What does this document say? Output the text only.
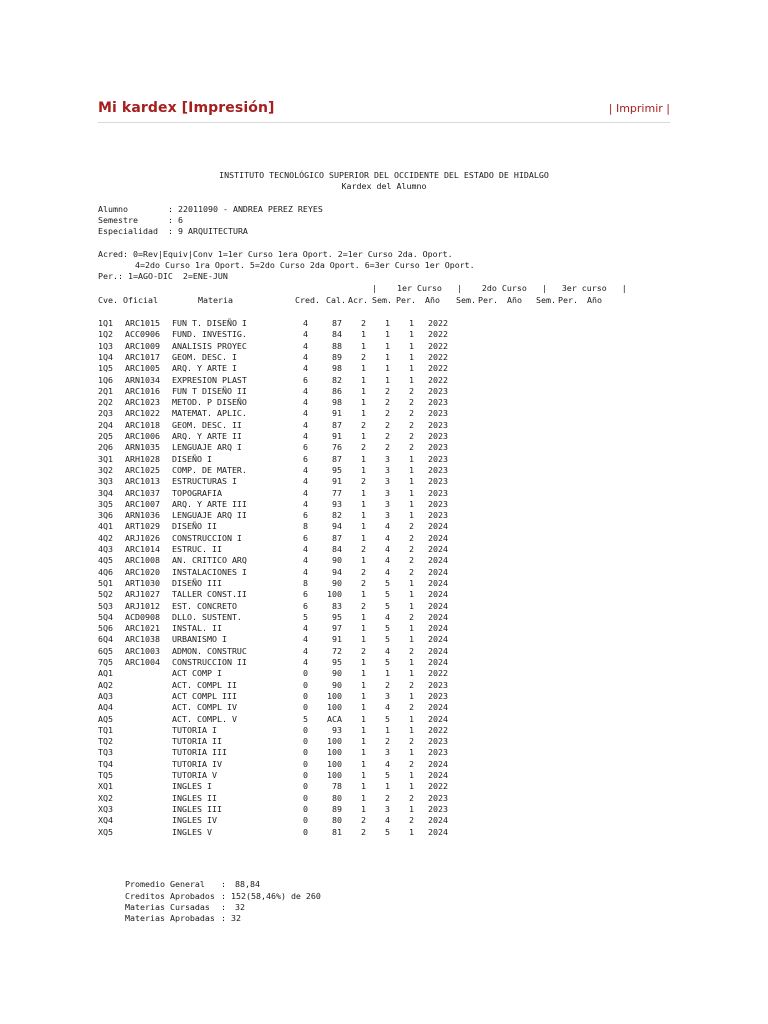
Mi kardex [Impresión]	| Imprimir |
INSTITUTO TECNOLÓGICO SUPERIOR DEL OCCIDENTE DEL ESTADO DE HIDALGO
Kardex del Alumno

Alumno

	:

22011090 - ANDREA PEREZ REYES

Semestre

	:

6

Especialidad

:

9 ARQUITECTURA

Acred: 0=Rev|Equiv|Conv 1=1er Curso 1era Oport. 2=1er Curso 2da. Oport.
4=2do Curso 1ra Oport. 5=2do Curso 2da Oport. 6=3er Curso 1er Oport.
Per.: 1=AGO-DIC  2=ENE-JUN
|    1er Curso   |    2do Curso   |   3er curso   |
Cve. Oficial	Materia	Cred. Cal. Acr. Sem. Per.	Año	Sem. Per.	Año	Sem. Per.	Año
1Q1	ARC1015	FUN T. DISEÑO I	4	87	2	1	1 2022
1Q2	ACC0906	FUND. INVESTIG.	4	84	1	1	1 2022
1Q3	ARC1009	ANALISIS PROYEC	4	88	1	1	1 2022
1Q4	ARC1017	GEOM. DESC. I	4	89	2	1	1 2022
1Q5	ARC1005	ARQ. Y ARTE I	4	98	1	1	1 2022
1Q6	ARN1034	EXPRESION PLAST	6	82	1	1	1 2022
2Q1	ARC1016	FUN T DISEÑO II	4	86	1	2	2 2023
2Q2	ARC1023	METOD. P DISEÑO	4	98	1	2	2 2023
2Q3	ARC1022	MATEMAT. APLIC.	4	91	1	2	2 2023
2Q4	ARC1018	GEOM. DESC. II	4	87	2	2	2 2023
2Q5	ARC1006	ARQ. Y ARTE II	4	91	1	2	2 2023
2Q6	ARN1035	LENGUAJE ARQ I	6	76	2	2	2 2023
3Q1	ARH1028	DISEÑO I	6	87	1	3	1 2023
3Q2	ARC1025	COMP. DE MATER.	4	95	1	3	1 2023
3Q3	ARC1013	ESTRUCTURAS I	4	91	2	3	1 2023
3Q4	ARC1037	TOPOGRAFIA	4	77	1	3	1 2023
3Q5	ARC1007	ARQ. Y ARTE III	4	93	1	3	1 2023
3Q6	ARN1036	LENGUAJE ARQ II	6	82	1	3	1 2023
4Q1	ART1029	DISEÑO II	8	94	1	4	2 2024
4Q2	ARJ1026	CONSTRUCCION I	6	87	1	4	2 2024
4Q3	ARC1014	ESTRUC. II	4	84	2	4	2 2024
4Q5	ARC1008	AN. CRITICO ARQ	4	90	1	4	2 2024
4Q6	ARC1020	INSTALACIONES I	4	94	2	4	2 2024
5Q1	ART1030	DISEÑO III	8	90	2	5	1 2024
5Q2	ARJ1027	TALLER CONST.II	6	100	1	5	1 2024
5Q3	ARJ1012	EST. CONCRETO	6	83	2	5	1 2024
5Q4	ACD0908	DLLO. SUSTENT.	5	95	1	4	2 2024
5Q6	ARC1021	INSTAL. II	4	97	1	5	1 2024
6Q4	ARC1038	URBANISMO I	4	91	1	5	1 2024
6Q5	ARC1003	ADMON. CONSTRUC	4	72	2	4	2 2024
7Q5	ARC1004	CONSTRUCCION II	4	95	1	5	1 2024
AQ1	ACT COMP I	0	90	1	1	1 2022
AQ2	ACT. COMPL II	0	90	1	2	2 2023
AQ3	ACT COMPL III	0	100	1	3	1 2023
AQ4	ACT. COMPL IV	0	100	1	4	2 2024
AQ5	ACT. COMPL. V	5	ACA	1	5	1 2024
TQ1	TUTORIA I	0	93	1	1	1 2022
TQ2	TUTORIA II	0	100	1	2	2 2023
TQ3	TUTORIA III	0	100	1	3	1 2023
TQ4	TUTORIA IV	0	100	1	4	2 2024
TQ5	TUTORIA V	0	100	1	5	1 2024
XQ1	INGLES I	0	78	1	1	1 2022
XQ2	INGLES II	0	80	1	2	2 2023
XQ3	INGLES III	0	89	1	3	1 2023
XQ4	INGLES IV	0	80	2	4	2 2024
XQ5	INGLES V	0	81	2	5	1 2024

Promedio General

:

88,84

Creditos Aprobados

:

152(58,46%) de 260

Materias Cursadas

:

32

Materias Aprobadas

:

32
